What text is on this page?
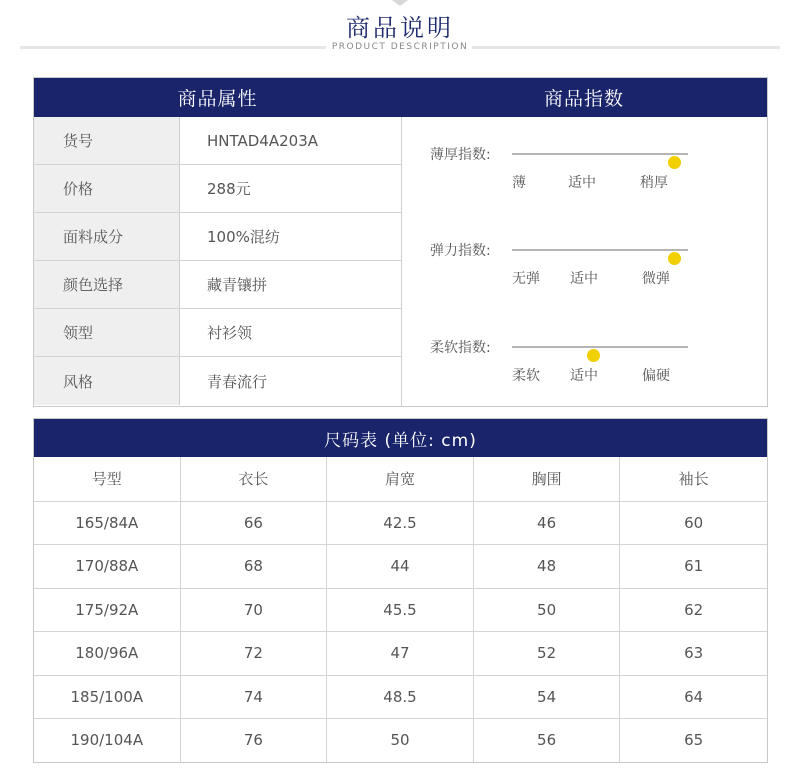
商品说明
PRODUCT DESCRIPTION
商品属性	商品指数
货号	HNTAD4A203A
价格	288元
面料成分	100%混纺
颜色选择	藏青镶拼
领型	衬衫领
风格	青春流行
薄厚指数:
薄	适中	稍厚
弹力指数:
无弹 适中	微弹
柔软指数:
柔软 适中	偏硬
尺码表 (单位: cm)
号型	衣长	肩宽	胸围	袖长
165/84A	66	42.5	46	60
170/88A	68	44	48	61
175/92A	70	45.5	50	62
180/96A	72	47	52	63
185/100A	74	48.5	54	64
190/104A	76	50	56	65
